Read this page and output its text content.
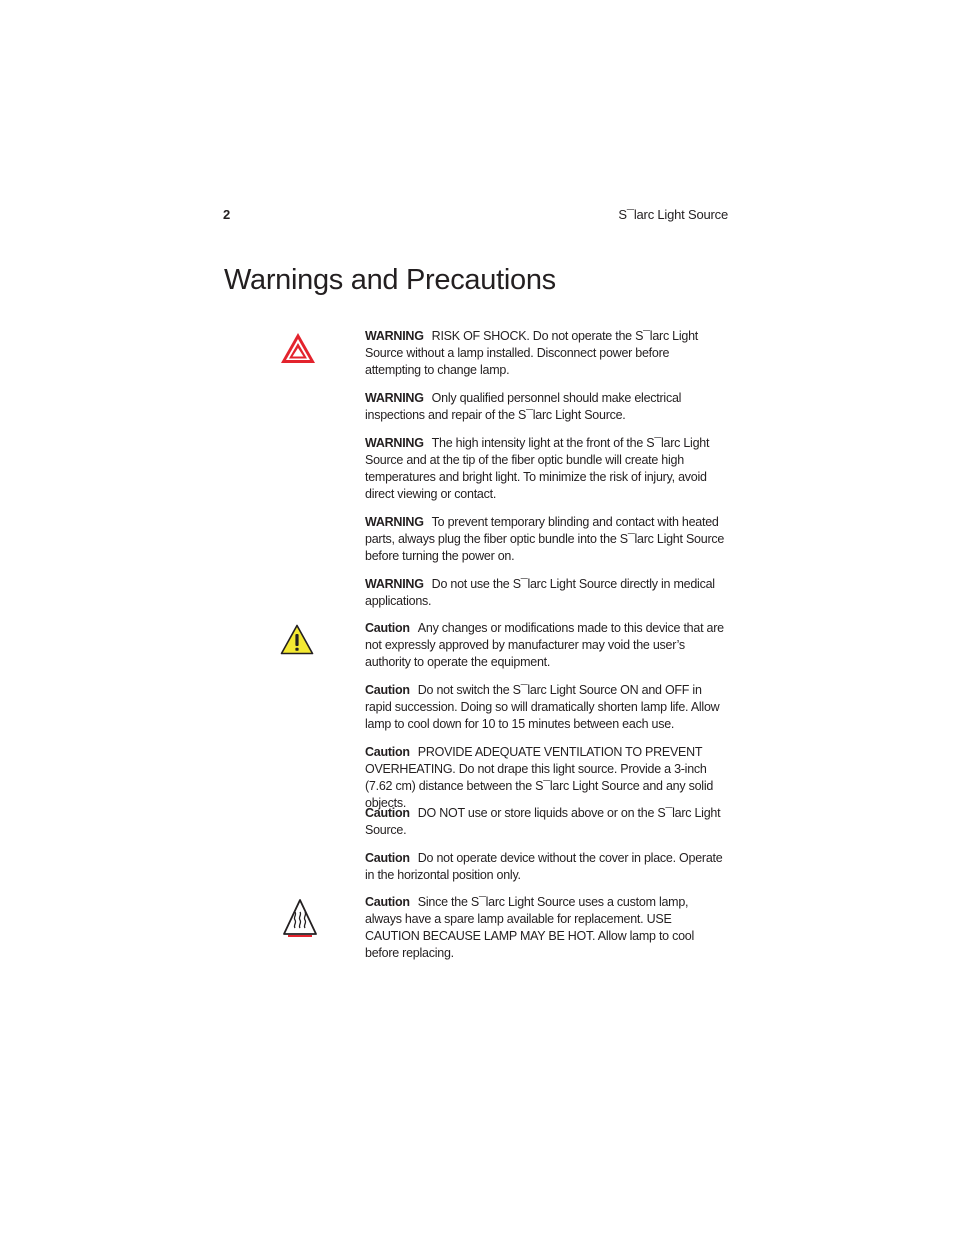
2	S¯larc Light Source
Warnings and Precautions

WARNING RISK OF SHOCK. Do not operate the S¯larc Light Source without a lamp installed. Disconnect power before attempting to change lamp.

WARNING Only qualified personnel should make electrical inspections and repair of the S¯larc Light Source.

WARNING The high intensity light at the front of the S¯larc Light Source and at the tip of the fiber optic bundle will create high temperatures and bright light. To minimize the risk of injury, avoid direct viewing or contact.

WARNING To prevent temporary blinding and contact with heated parts, always plug the fiber optic bundle into the S¯larc Light Source before turning the power on.

WARNING Do not use the S¯larc Light Source directly in medical applications.

Caution Any changes or modifications made to this device that are not expressly approved by manufacturer may void the user’s authority to operate the equipment.

Caution Do not switch the S¯larc Light Source ON and OFF in rapid succession. Doing so will dramatically shorten lamp life. Allow lamp to cool down for 10 to 15 minutes between each use.

Caution PROVIDE ADEQUATE VENTILATION TO PREVENT OVERHEATING. Do not drape this light source. Provide a 3-inch (7.62 cm) distance between the S¯larc Light Source and any solid objects.

Caution DO NOT use or store liquids above or on the S¯larc Light Source.

Caution Do not operate device without the cover in place. Operate in the horizontal position only.

Caution Since the S¯larc Light Source uses a custom lamp, always have a spare lamp available for replacement. USE CAUTION BECAUSE LAMP MAY BE HOT. Allow lamp to cool before replacing.
